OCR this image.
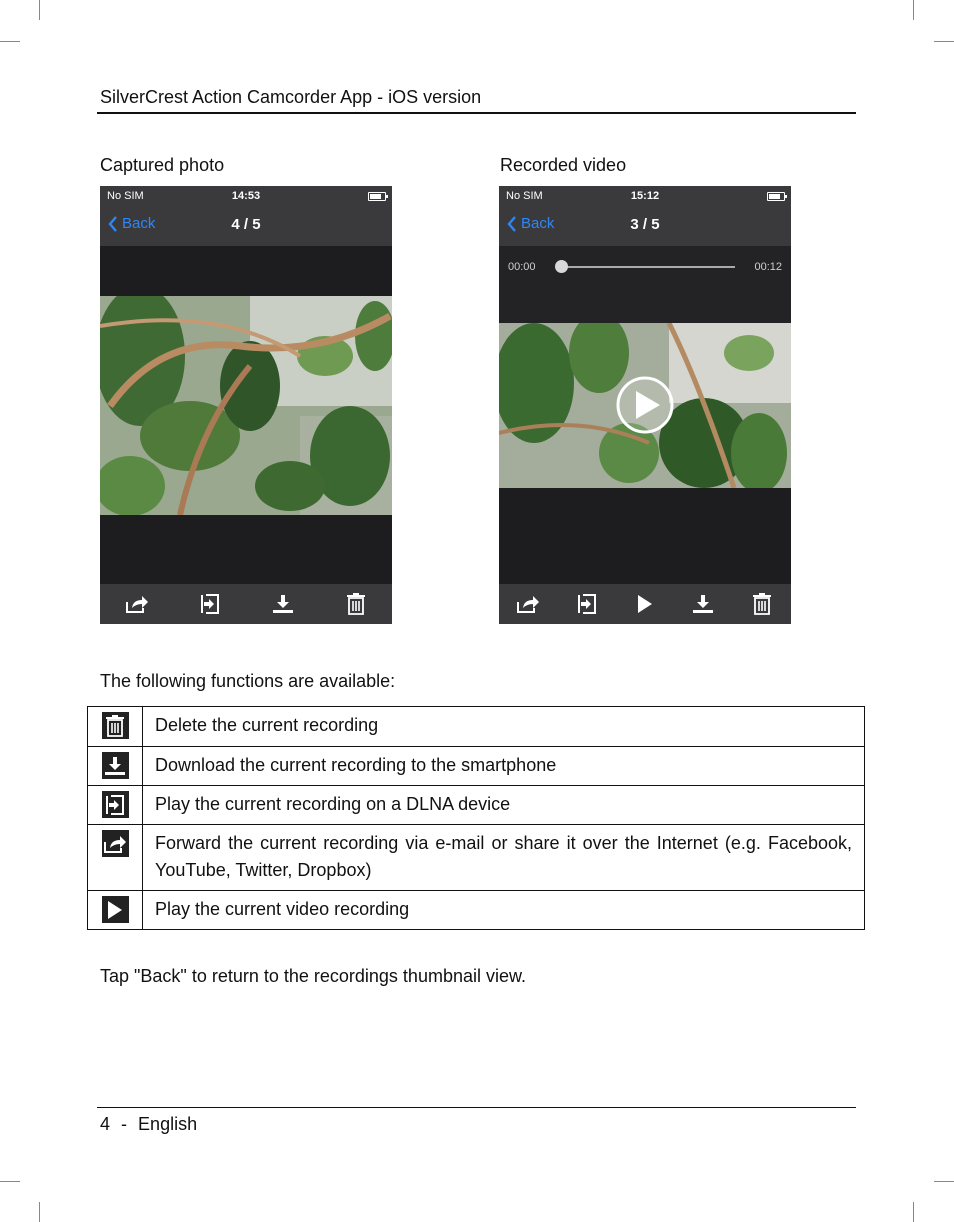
SilverCrest Action Camcorder App - iOS version
Captured photo	Recorded video
No SIM	14:53
Back	4 / 5
No SIM	15:12
Back	3 / 5
00:00	00:12
The following functions are available:
	Delete the current recording

	Download the current recording to the smartphone

	Play the current recording on a DLNA device

	Forward the current recording via e-mail or share it over the Internet (e.g. Facebook, YouTube, Twitter, Dropbox)

	Play the current video recording
Tap "Back" to return to the recordings thumbnail view.
4 - English
